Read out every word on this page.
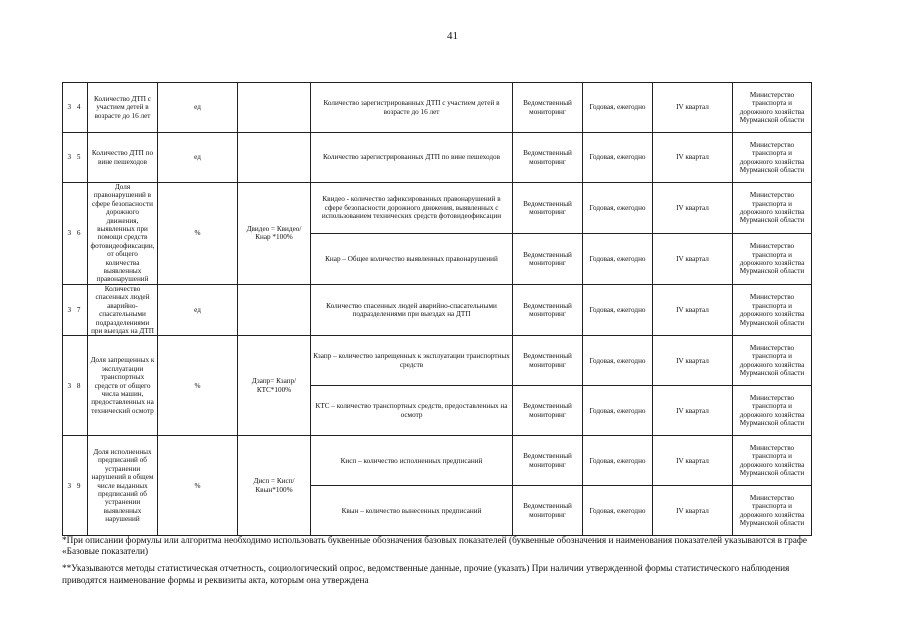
41
3 4	Количество ДТП с участием детей в возрасте до 16 лет	ед		Количество зарегистрированных ДТП с участием детей в возрасте до 16 лет	Ведомственный мониторинг	Годовая, ежегодно	IV квартал	Министерство транспорта и дорожного хозяйства Мурманской области
3 5	Количество ДТП по вине пешеходов	ед		Количество зарегистрированных ДТП по вине пешеходов	Ведомственный мониторинг	Годовая, ежегодно	IV квартал	Министерство транспорта и дорожного хозяйства Мурманской области
3 6	Доля правонарушений в сфере безопасности дорожного движения, выявленных при помощи средств фотовидеофиксации, от общего количества выявленных правонарушений	%	Двидео = Квидео/Кнар *100%	Квидео - количество зафиксированных правонарушений в сфере безопасности дорожного движения, выявленных с использованием технических средств фотовидеофиксации	Ведомственный мониторинг	Годовая, ежегодно	IV квартал	Министерство транспорта и дорожного хозяйства Мурманской области
				Кнар – Общее количество выявленных правонарушений	Ведомственный мониторинг	Годовая, ежегодно	IV квартал	Министерство транспорта и дорожного хозяйства Мурманской области
3 7	Количество спасенных людей аварийно-спасательными подразделениями при выездах на ДТП	ед		Количество спасенных людей аварийно-спасательными подразделениями при выездах на ДТП	Ведомственный мониторинг	Годовая, ежегодно	IV квартал	Министерство транспорта и дорожного хозяйства Мурманской области
3 8	Доля запрещенных к эксплуатации транспортных средств от общего числа машин, предоставленных на технический осмотр	%	Дзапр= Кзапр/КТС*100%	Кзапр – количество запрещенных к эксплуатации транспортных средств	Ведомственный мониторинг	Годовая, ежегодно	IV квартал	Министерство транспорта и дорожного хозяйства Мурманской области
				КТС – количество транспортных средств, предоставленных на осмотр	Ведомственный мониторинг	Годовая, ежегодно	IV квартал	Министерство транспорта и дорожного хозяйства Мурманской области
3 9	Доля исполненных предписаний об устранении нарушений в общем числе выданных предписаний об устранении выявленных нарушений	%	Дисп = Кисп/Квын*100%	Кисп – количество исполненных предписаний	Ведомственный мониторинг	Годовая, ежегодно	IV квартал	Министерство транспорта и дорожного хозяйства Мурманской области
				Квын – количество вынесенных предписаний	Ведомственный мониторинг	Годовая, ежегодно	IV квартал	Министерство транспорта и дорожного хозяйства Мурманской области

*При описании формулы или алгоритма необходимо использовать буквенные обозначения базовых показателей (буквенные обозначения и наименования показателей указываются в графе «Базовые показатели)

**Указываются методы статистическая отчетность, социологический опрос, ведомственные данные, прочие (указать) При наличии утвержденной формы статистического наблюдения приводятся наименование формы и реквизиты акта, которым она утверждена
